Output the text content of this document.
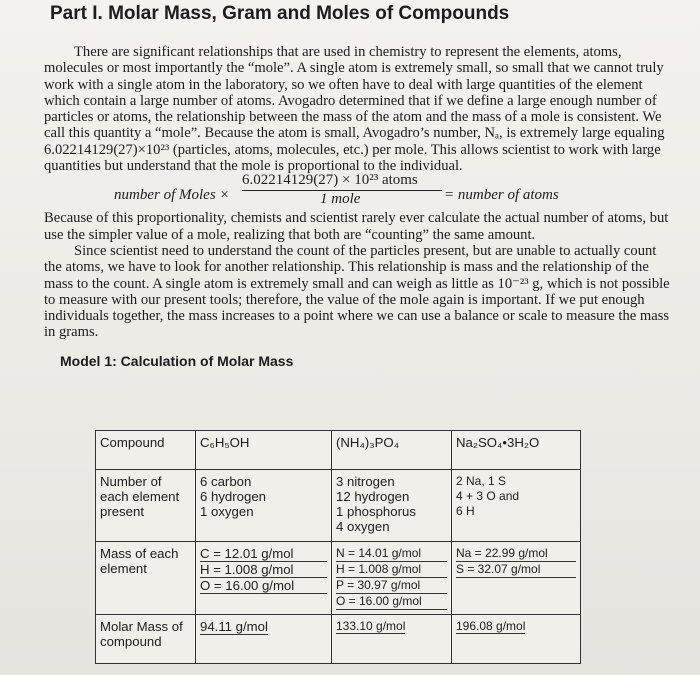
Part I. Molar Mass, Gram and Moles of Compounds

There are significant relationships that are used in chemistry to represent the elements, atoms, molecules or most importantly the “mole”. A single atom is extremely small, so small that we cannot truly work with a single atom in the laboratory, so we often have to deal with large quantities of the element which contain a large number of atoms. Avogadro determined that if we define a large enough number of particles or atoms, the relationship between the mass of the atom and the mass of a mole is consistent. We call this quantity a “mole”. Because the atom is small, Avogadro’s number, Nₐ, is extremely large equaling 6.02214129(27)×10²³ (particles, atoms, molecules, etc.) per mole. This allows scientist to work with large quantities but understand that the mole is proportional to the individual.

number of Moles ×
6.02214129(27) × 10²³ atoms
1 mole	= number of atoms

Because of this proportionality, chemists and scientist rarely ever calculate the actual number of atoms, but use the simpler value of a mole, realizing that both are “counting” the same amount.

Since scientist need to understand the count of the particles present, but are unable to actually count the atoms, we have to look for another relationship. This relationship is mass and the relationship of the mass to the count. A single atom is extremely small and can weigh as little as 10⁻²³ g, which is not possible to measure with our present tools; therefore, the value of the mole again is important. If we put enough individuals together, the mass increases to a point where we can use a balance or scale to measure the mass in grams.

Model 1: Calculation of Molar Mass
Compound	C₆H₅OH	(NH₄)₃PO₄	Na₂SO₄•3H₂O
Number of each element present	6 carbon
6 hydrogen
1 oxygen	3 nitrogen
12 hydrogen
1 phosphorus
4 oxygen	2 Na, 1 S
4 + 3 O and
6 H

Mass of each element	C = 12.01 g/mol
H = 1.008 g/mol
O = 16.00 g/mol	N = 14.01 g/mol
H = 1.008 g/mol
P = 30.97 g/mol
O = 16.00 g/mol	Na = 22.99 g/mol
S = 32.07 g/mol

Molar Mass of compound	94.11 g/mol	133.10 g/mol	196.08 g/mol
